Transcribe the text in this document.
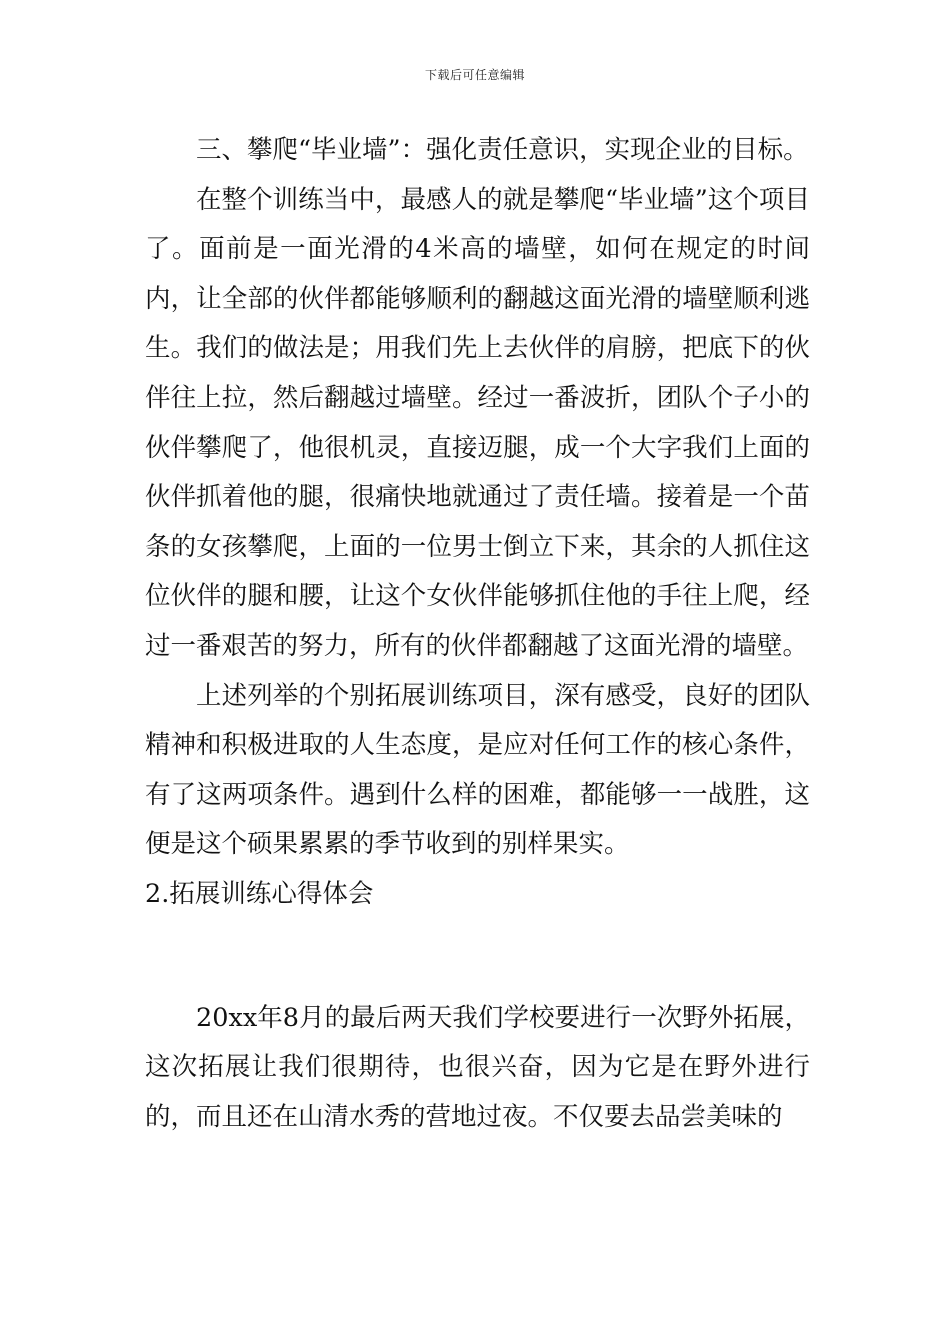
下载后可任意编辑

三、攀爬“毕业墙”：强化责任意识，实现企业的目标。

在整个训练当中，最感人的就是攀爬“毕业墙”这个项目了。面前是一面光滑的4米高的墙壁，如何在规定的时间内，让全部的伙伴都能够顺利的翻越这面光滑的墙壁顺利逃生。我们的做法是；用我们先上去伙伴的肩膀，把底下的伙伴往上拉，然后翻越过墙壁。经过一番波折，团队个子小的伙伴攀爬了，他很机灵，直接迈腿，成一个大字我们上面的伙伴抓着他的腿，很痛快地就通过了责任墙。接着是一个苗条的女孩攀爬，上面的一位男士倒立下来，其余的人抓住这位伙伴的腿和腰，让这个女伙伴能够抓住他的手往上爬，经过一番艰苦的努力，所有的伙伴都翻越了这面光滑的墙壁。

上述列举的个别拓展训练项目，深有感受，良好的团队精神和积极进取的人生态度，是应对任何工作的核心条件，有了这两项条件。遇到什么样的困难，都能够一一战胜，这便是这个硕果累累的季节收到的别样果实。

2.拓展训练心得体会

20xx年8月的最后两天我们学校要进行一次野外拓展，这次拓展让我们很期待，也很兴奋，因为它是在野外进行的，而且还在山清水秀的营地过夜。不仅要去品尝美味的
